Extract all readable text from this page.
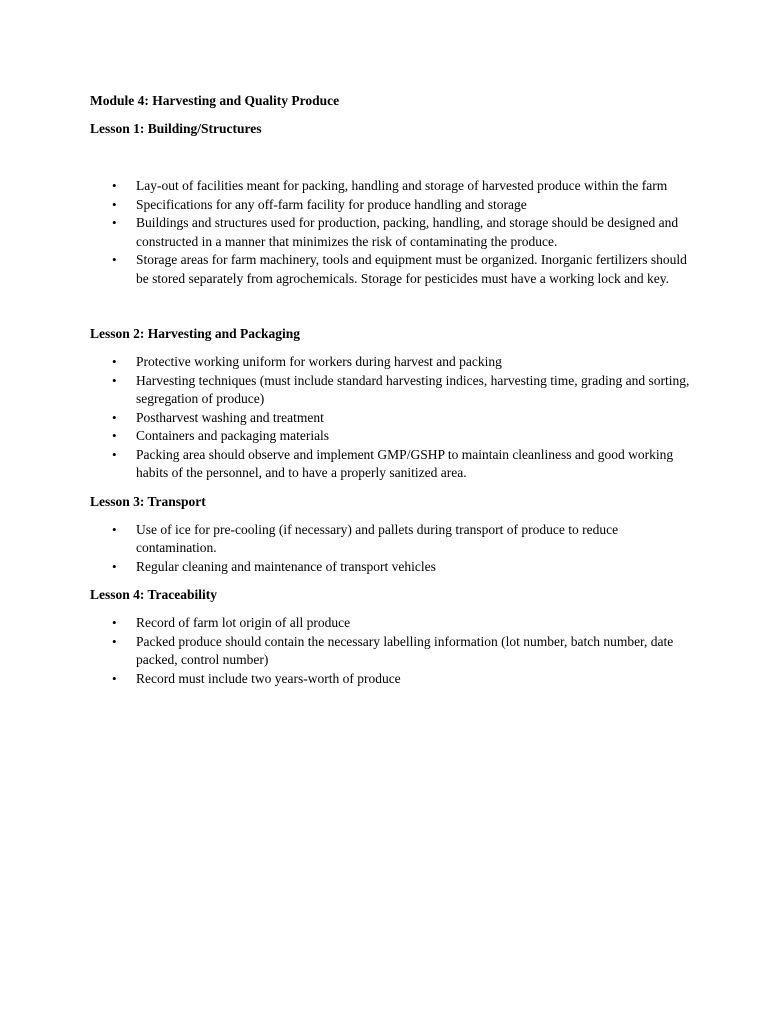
Module 4: Harvesting and Quality Produce

Lesson 1: Building/Structures

• Lay-out of facilities meant for packing, handling and storage of harvested produce within the farm
• Specifications for any off-farm facility for produce handling and storage
• Buildings and structures used for production, packing, handling, and storage should be designed and constructed in a manner that minimizes the risk of contaminating the produce.
• Storage areas for farm machinery, tools and equipment must be organized. Inorganic fertilizers should be stored separately from agrochemicals. Storage for pesticides must have a working lock and key.

Lesson 2: Harvesting and Packaging

• Protective working uniform for workers during harvest and packing
• Harvesting techniques (must include standard harvesting indices, harvesting time, grading and sorting, segregation of produce)
• Postharvest washing and treatment
• Containers and packaging materials
• Packing area should observe and implement GMP/GSHP to maintain cleanliness and good working habits of the personnel, and to have a properly sanitized area.

Lesson 3: Transport

• Use of ice for pre-cooling (if necessary) and pallets during transport of produce to reduce contamination.
• Regular cleaning and maintenance of transport vehicles

Lesson 4: Traceability

• Record of farm lot origin of all produce
• Packed produce should contain the necessary labelling information (lot number, batch number, date packed, control number)
• Record must include two years-worth of produce
